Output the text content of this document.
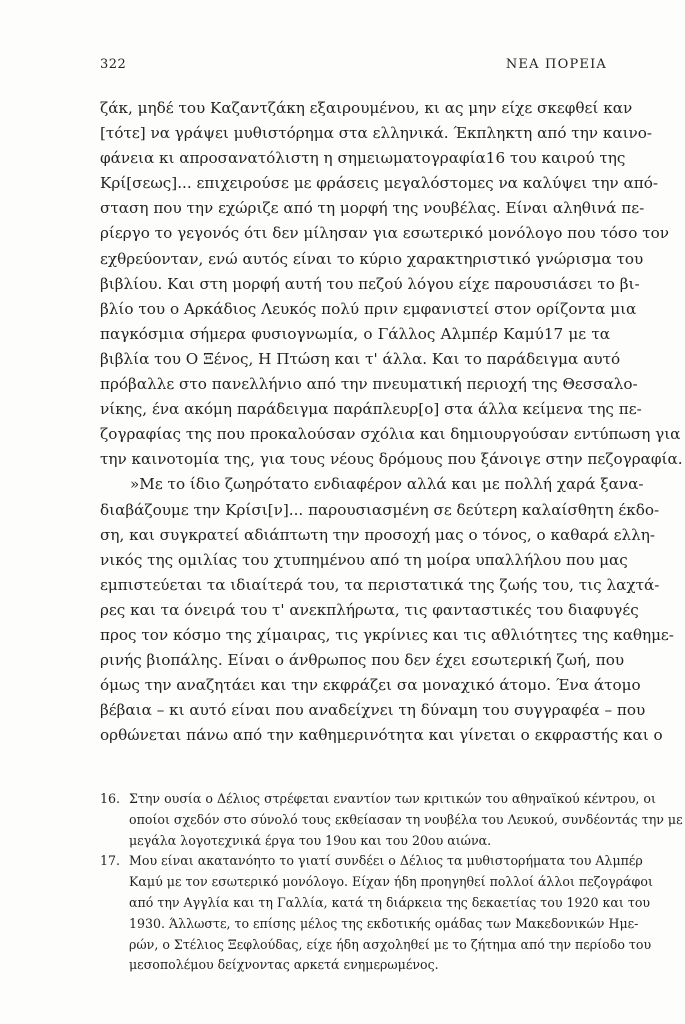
322	ΝΕΑ ΠΟΡΕΙΑ
ζάκ, μηδέ του Καζαντζάκη εξαιρουμένου, κι ας μην είχε σκεφθεί καν
[τότε] να γράψει μυθιστόρημα στα ελληνικά. Έκπληκτη από την καινο-
φάνεια κι απροσανατόλιστη η σημειωματογραφία16 του καιρού της
Κρί[σεως]... επιχειρούσε με φράσεις μεγαλόστομες να καλύψει την από-
σταση που την εχώριζε από τη μορφή της νουβέλας. Είναι αληθινά πε-
ρίεργο το γεγονός ότι δεν μίλησαν για εσωτερικό μονόλογο που τόσο τον
εχθρεύονταν, ενώ αυτός είναι το κύριο χαρακτηριστικό γνώρισμα του
βιβλίου. Και στη μορφή αυτή του πεζού λόγου είχε παρουσιάσει το βι-
βλίο του ο Αρκάδιος Λευκός πολύ πριν εμφανιστεί στον ορίζοντα μια
παγκόσμια σήμερα φυσιογνωμία, ο Γάλλος Αλμπέρ Καμύ17 με τα
βιβλία του Ο Ξένος, Η Πτώση και τ' άλλα. Και το παράδειγμα αυτό
πρόβαλλε στο πανελλήνιο από την πνευματική περιοχή της Θεσσαλο-
νίκης, ένα ακόμη παράδειγμα παράπλευρ[ο] στα άλλα κείμενα της πε-
ζογραφίας της που προκαλούσαν σχόλια και δημιουργούσαν εντύπωση για
την καινοτομία της, για τους νέους δρόμους που ξάνοιγε στην πεζογραφία.
»Με το ίδιο ζωηρότατο ενδιαφέρον αλλά και με πολλή χαρά ξανα-
διαβάζουμε την Κρίσι[ν]... παρουσιασμένη σε δεύτερη καλαίσθητη έκδο-
ση, και συγκρατεί αδιάπτωτη την προσοχή μας ο τόνος, ο καθαρά ελλη-
νικός της ομιλίας του χτυπημένου από τη μοίρα υπαλλήλου που μας
εμπιστεύεται τα ιδιαίτερά του, τα περιστατικά της ζωής του, τις λαχτά-
ρες και τα όνειρά του τ' ανεκπλήρωτα, τις φανταστικές του διαφυγές
προς τον κόσμο της χίμαιρας, τις γκρίνιες και τις αθλιότητες της καθημε-
ρινής βιοπάλης. Είναι ο άνθρωπος που δεν έχει εσωτερική ζωή, που
όμως την αναζητάει και την εκφράζει σα μοναχικό άτομο. Ένα άτομο
βέβαια – κι αυτό είναι που αναδείχνει τη δύναμη του συγγραφέα – που
ορθώνεται πάνω από την καθημερινότητα και γίνεται ο εκφραστής και ο
16. Στην ουσία ο Δέλιος στρέφεται εναντίον των κριτικών του αθηναϊκού κέντρου, οι
οποίοι σχεδόν στο σύνολό τους εκθείασαν τη νουβέλα του Λευκού, συνδέοντάς την με
μεγάλα λογοτεχνικά έργα του 19ου και του 20ου αιώνα.
17. Μου είναι ακατανόητο το γιατί συνδέει ο Δέλιος τα μυθιστορήματα του Αλμπέρ
Καμύ με τον εσωτερικό μονόλογο. Είχαν ήδη προηγηθεί πολλοί άλλοι πεζογράφοι
από την Αγγλία και τη Γαλλία, κατά τη διάρκεια της δεκαετίας του 1920 και του
1930. Άλλωστε, το επίσης μέλος της εκδοτικής ομάδας των Μακεδονικών Ημε-
ρών, ο Στέλιος Ξεφλούδας, είχε ήδη ασχοληθεί με το ζήτημα από την περίοδο του
μεσοπολέμου δείχνοντας αρκετά ενημερωμένος.
